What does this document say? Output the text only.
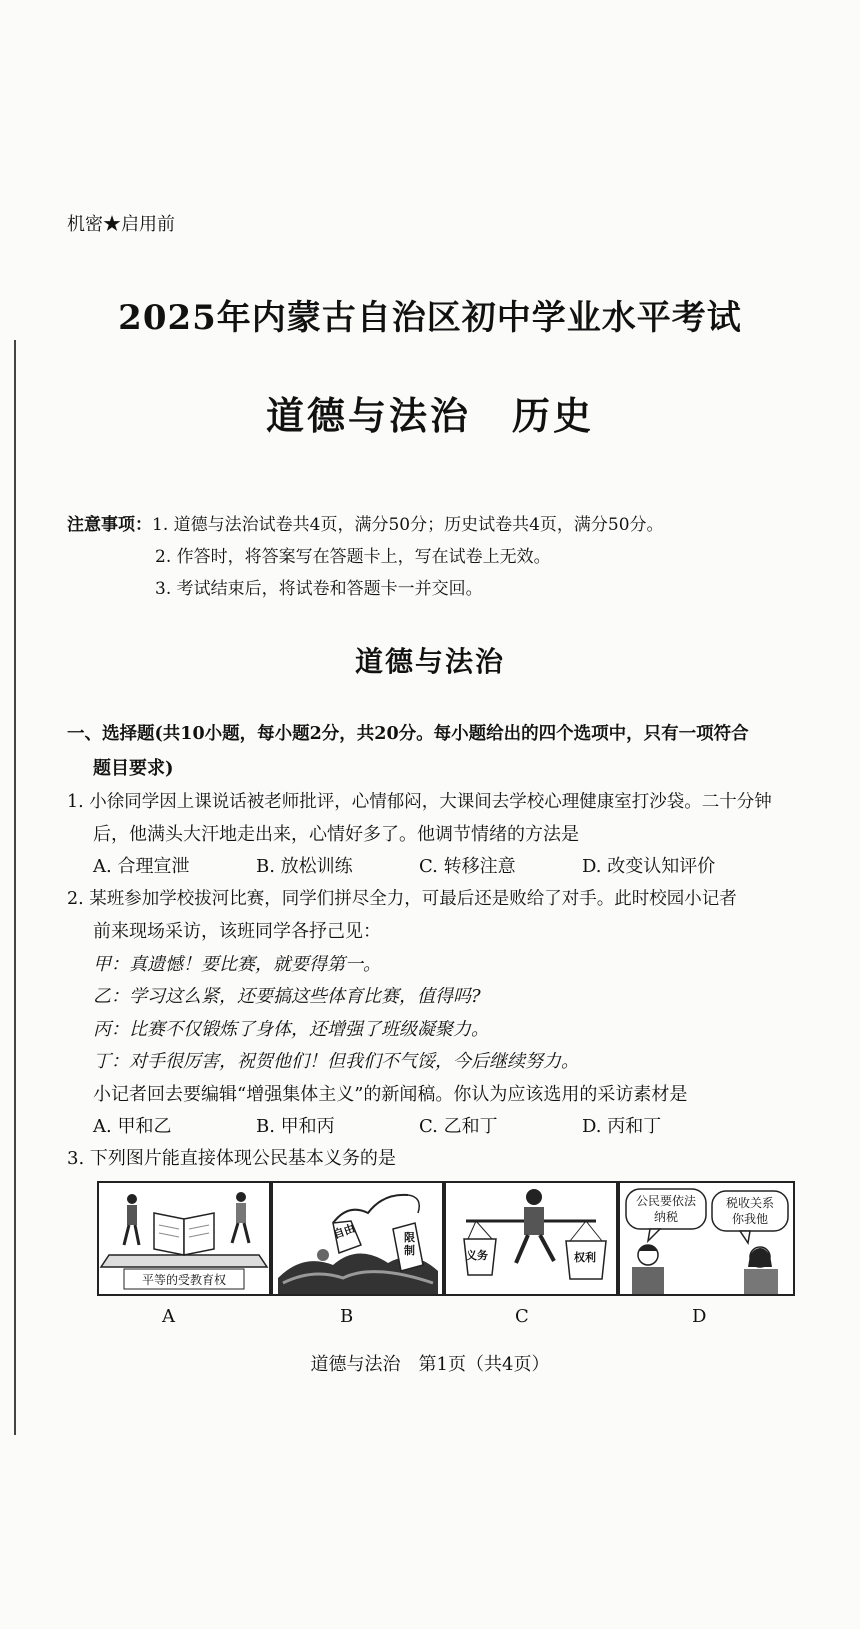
机密★启用前
2025年内蒙古自治区初中学业水平考试
道德与法治　历史
注意事项：1. 道德与法治试卷共4页，满分50分；历史试卷共4页，满分50分。
2. 作答时，将答案写在答题卡上，写在试卷上无效。
3. 考试结束后，将试卷和答题卡一并交回。
道德与法治
一、选择题(共10小题，每小题2分，共20分。每小题给出的四个选项中，只有一项符合
题目要求)
1. 小徐同学因上课说话被老师批评，心情郁闷，大课间去学校心理健康室打沙袋。二十分钟
后，他满头大汗地走出来，心情好多了。他调节情绪的方法是
A. 合理宣泄	B. 放松训练	C. 转移注意	D. 改变认知评价
2. 某班参加学校拔河比赛，同学们拼尽全力，可最后还是败给了对手。此时校园小记者
前来现场采访，该班同学各抒己见：
甲：真遗憾！要比赛，就要得第一。
乙：学习这么紧，还要搞这些体育比赛，值得吗?
丙：比赛不仅锻炼了身体，还增强了班级凝聚力。
丁：对手很厉害，祝贺他们！但我们不气馁，今后继续努力。
小记者回去要编辑“增强集体主义”的新闻稿。你认为应该选用的采访素材是
A. 甲和乙	B. 甲和丙	C. 乙和丁	D. 丙和丁
3. 下列图片能直接体现公民基本义务的是
平等的受教育权
自由	限制	义务	权利
公民要依法
纳税
税收关系
你我他
A	B	C	D
道德与法治　第1页（共4页）
